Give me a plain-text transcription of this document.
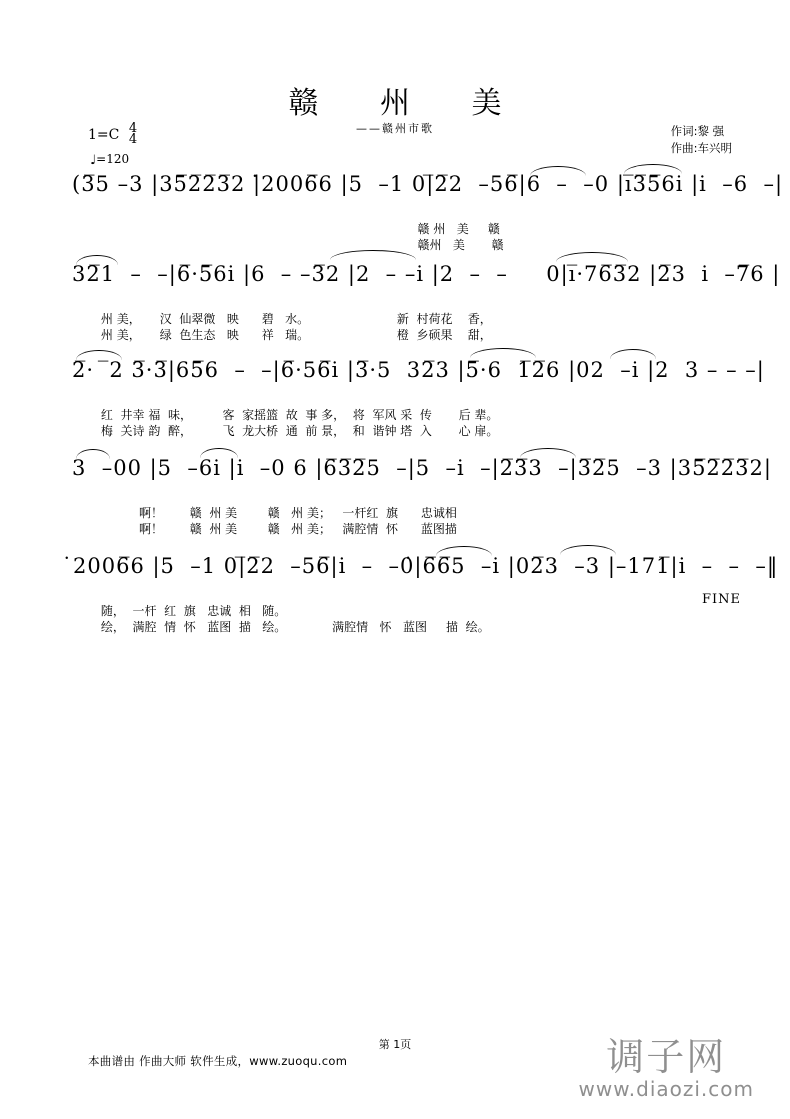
赣 州 美
——赣州市歌
1=C 4
4
♩=120
作词:黎 强
作曲:车兴明
(3̅5 –3 |35̅2̅2̅3̅2 |̇2006̅6 |5  –1 0|̅2̅2  –56̅|6  –  –0 |i̅3̅5̅6i |i  –6  –|

赣 州   美     赣

赣州   美       赣

32̅1  –  –|6̅·5̅6i |6  – –3̅2 |2  – –i |2  –  –     0|i̅·76̅3̅2 |2̅3  i  –7̅6 |

州 美，     汉  仙翠微   映      碧   水。                       新  村荷花    香，

州 美，     绿  色生态   映      祥   瑞。                       橙  乡硕果    甜，

2̅·  ̅2 3̅·3̅|65̅6  –  –|6̅·56̅i |3̅·5  32̅3 |5̅·6  1̅2̅6 |02  –i |2  3 – – –|

红  井幸 福  味，        客  家摇篮  故  事 多，  将  军风 采  传       后 辈。

梅  关诗 韵  醉，        飞  龙大桥  通  前 景，  和  谐钟 塔  入       心 扉。

3  –00 |5  –6i |i  –0 6 |6̅3̅2̅5  –|5  –i  –|2̅3̅3  –|3̅2̅5  –3 |35̅2̅2̅3̅2|

啊！       赣  州 美        赣   州 美；   一杆红  旗      忠诚相

啊！       赣  州 美        赣   州 美；   满腔情  怀      蓝图描

̇2006̅6 |5  –1 0|̅2̅2  –56̅|i  –  –0̇|6̅6̅5  –i |02̅3  –3 |–171̅|i  –  –  –‖

随，  一杆  红  旗   忠诚  相   随。

绘，  满腔  情  怀   蓝图  描   绘。            满腔情   怀   蓝图     描  绘。

FINE
第 1页
本曲谱由 作曲大师 软件生成，www.zuoqu.com	调子网
www.diaozi.com
